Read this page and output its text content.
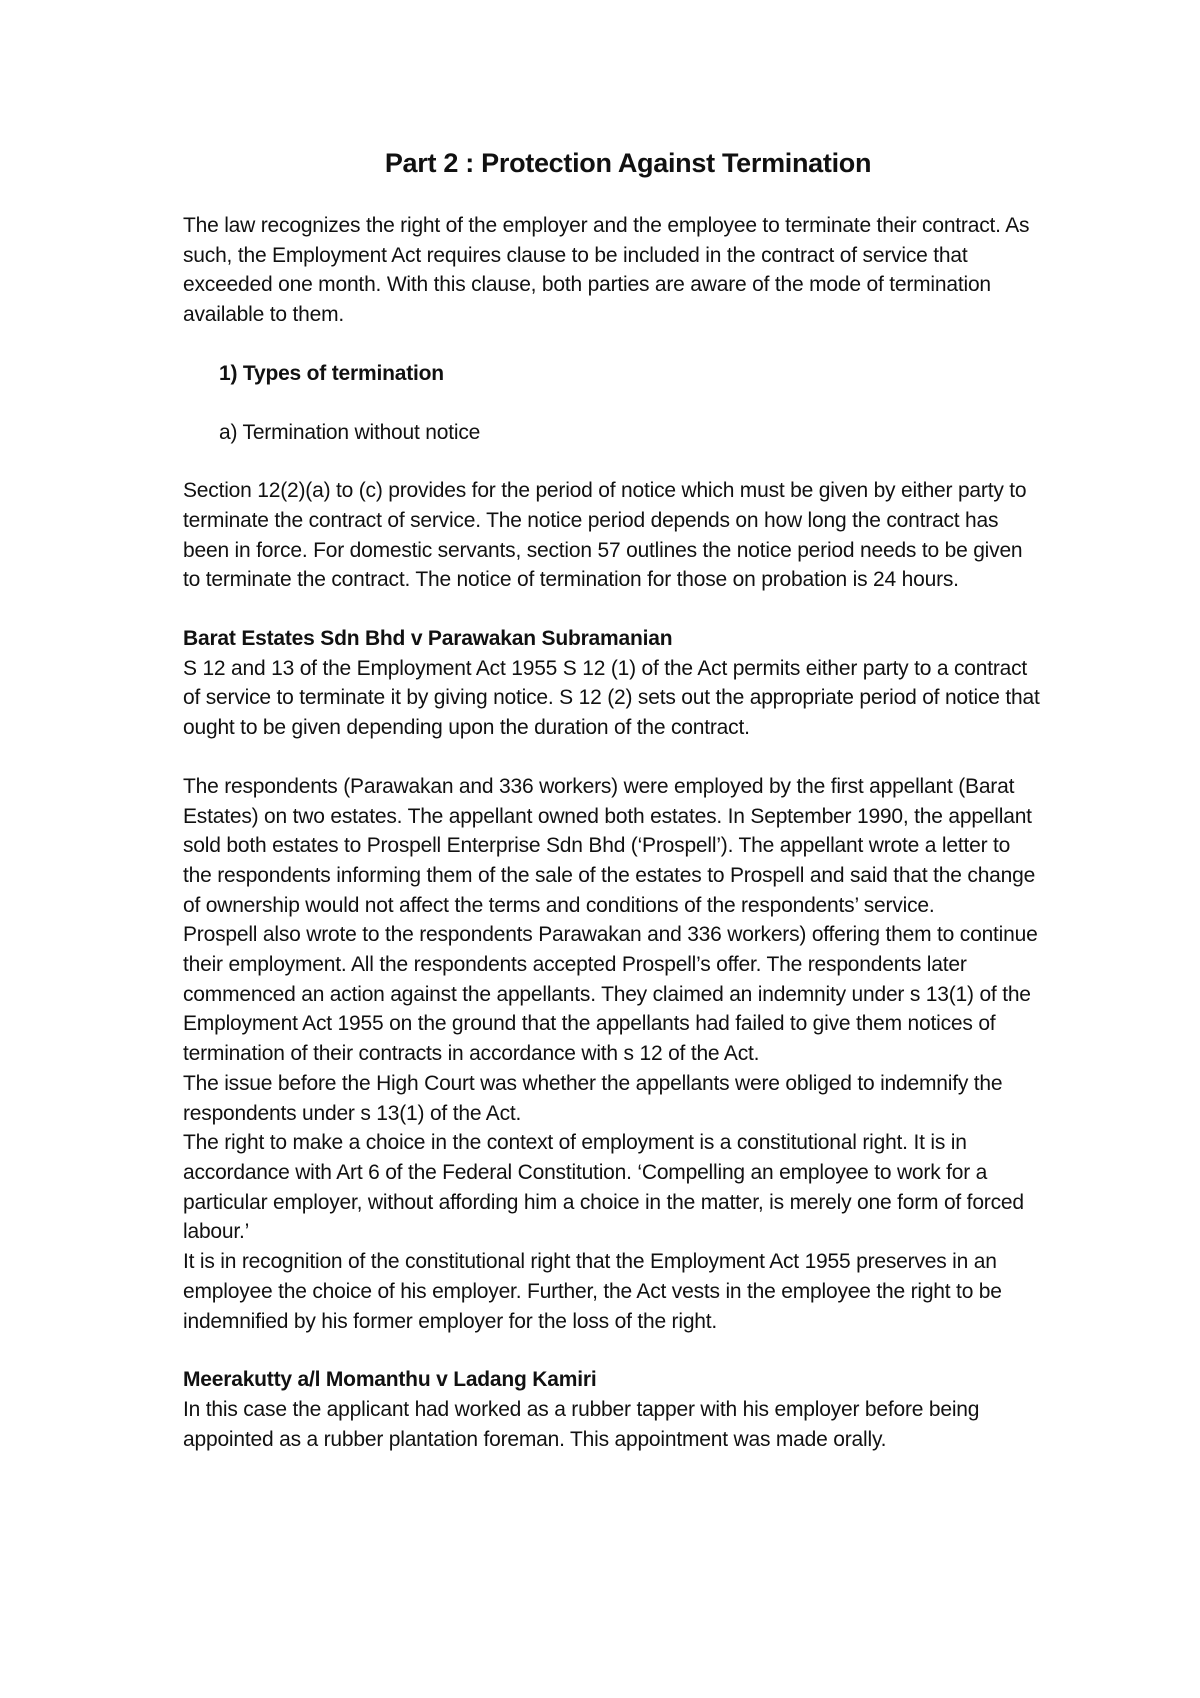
Part 2 : Protection Against Termination

The law recognizes the right of the employer and the employee to terminate their contract. As such, the Employment Act requires clause to be included in the contract of service that exceeded one month. With this clause, both parties are aware of the mode of termination available to them.

1) Types of termination

a) Termination without notice

Section 12(2)(a) to (c) provides for the period of notice which must be given by either party to terminate the contract of service. The notice period depends on how long the contract has been in force. For domestic servants, section 57 outlines the notice period needs to be given to terminate the contract. The notice of termination for those on probation is 24 hours.

Barat Estates Sdn Bhd v Parawakan Subramanian

S 12 and 13 of the Employment Act 1955 S 12 (1) of the Act permits either party to a contract of service to terminate it by giving notice. S 12 (2) sets out the appropriate period of notice that ought to be given depending upon the duration of the contract.

The respondents (Parawakan and 336 workers) were employed by the first appellant (Barat Estates) on two estates. The appellant owned both estates. In September 1990, the appellant sold both estates to Prospell Enterprise Sdn Bhd (‘Prospell’). The appellant wrote a letter to the respondents informing them of the sale of the estates to Prospell and said that the change of ownership would not affect the terms and conditions of the respondents’ service.

Prospell also wrote to the respondents Parawakan and 336 workers) offering them to continue their employment. All the respondents accepted Prospell’s offer. The respondents later commenced an action against the appellants. They claimed an indemnity under s 13(1) of the Employment Act 1955 on the ground that the appellants had failed to give them notices of termination of their contracts in accordance with s 12 of the Act.

The issue before the High Court was whether the appellants were obliged to indemnify the respondents under s 13(1) of the Act.

The right to make a choice in the context of employment is a constitutional right. It is in accordance with Art 6 of the Federal Constitution. ‘Compelling an employee to work for a particular employer, without affording him a choice in the matter, is merely one form of forced labour.’

It is in recognition of the constitutional right that the Employment Act 1955 preserves in an employee the choice of his employer. Further, the Act vests in the employee the right to be indemnified by his former employer for the loss of the right.

Meerakutty a/l Momanthu v Ladang Kamiri

In this case the applicant had worked as a rubber tapper with his employer before being appointed as a rubber plantation foreman. This appointment was made orally.
